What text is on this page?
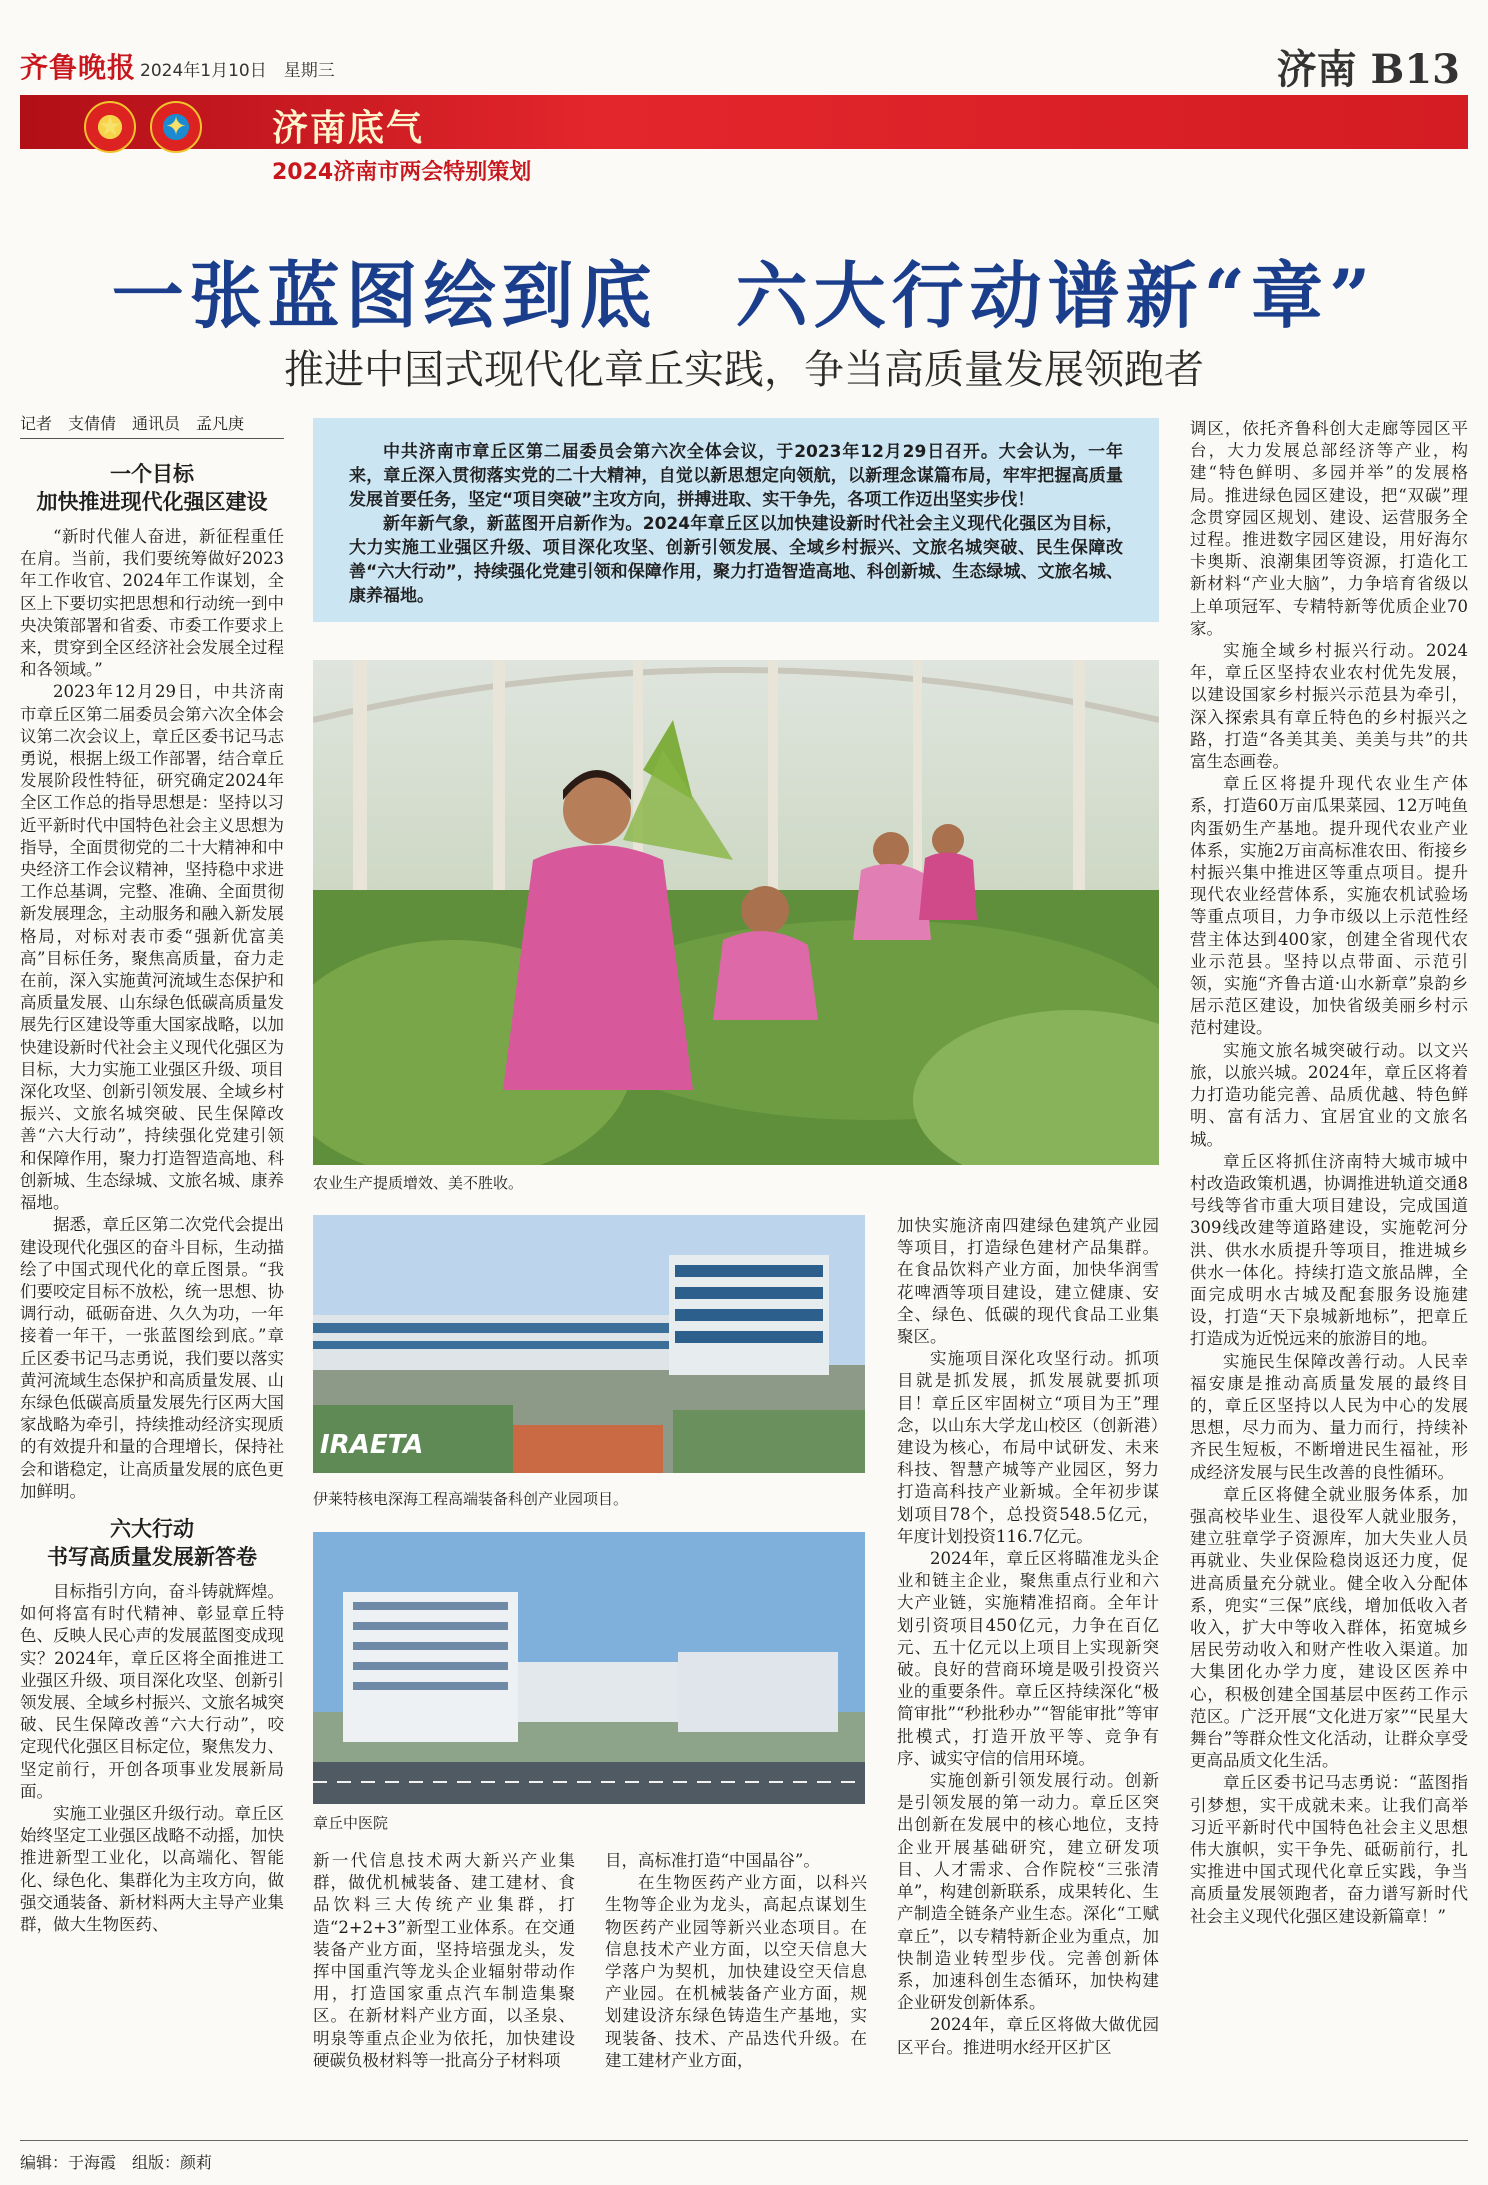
齐鲁晚报 2024年1月10日　星期三	济南 B13
★	✦	济南底气
2024济南市两会特别策划
一张蓝图绘到底　六大行动谱新“章”
推进中国式现代化章丘实践，争当高质量发展领跑者
记者　支倩倩　通讯员　孟凡庚

中共济南市章丘区第二届委员会第六次全体会议，于2023年12月29日召开。大会认为，一年来，章丘深入贯彻落实党的二十大精神，自觉以新思想定向领航，以新理念谋篇布局，牢牢把握高质量发展首要任务，坚定“项目突破”主攻方向，拼搏进取、实干争先，各项工作迈出坚实步伐！

新年新气象，新蓝图开启新作为。2024年章丘区以加快建设新时代社会主义现代化强区为目标，大力实施工业强区升级、项目深化攻坚、创新引领发展、全域乡村振兴、文旅名城突破、民生保障改善“六大行动”，持续强化党建引领和保障作用，聚力打造智造高地、科创新城、生态绿城、文旅名城、康养福地。

一个目标
加快推进现代化强区建设

“新时代催人奋进，新征程重任在肩。当前，我们要统筹做好2023年工作收官、2024年工作谋划，全区上下要切实把思想和行动统一到中央决策部署和省委、市委工作要求上来，贯穿到全区经济社会发展全过程和各领域。”

2023年12月29日，中共济南市章丘区第二届委员会第六次全体会议第二次会议上，章丘区委书记马志勇说，根据上级工作部署，结合章丘发展阶段性特征，研究确定2024年全区工作总的指导思想是：坚持以习近平新时代中国特色社会主义思想为指导，全面贯彻党的二十大精神和中央经济工作会议精神，坚持稳中求进工作总基调，完整、准确、全面贯彻新发展理念，主动服务和融入新发展格局，对标对表市委“强新优富美高”目标任务，聚焦高质量，奋力走在前，深入实施黄河流域生态保护和高质量发展、山东绿色低碳高质量发展先行区建设等重大国家战略，以加快建设新时代社会主义现代化强区为目标，大力实施工业强区升级、项目深化攻坚、创新引领发展、全域乡村振兴、文旅名城突破、民生保障改善“六大行动”，持续强化党建引领和保障作用，聚力打造智造高地、科创新城、生态绿城、文旅名城、康养福地。

据悉，章丘区第二次党代会提出建设现代化强区的奋斗目标，生动描绘了中国式现代化的章丘图景。“我们要咬定目标不放松，统一思想、协调行动，砥砺奋进、久久为功，一年接着一年干，一张蓝图绘到底。”章丘区委书记马志勇说，我们要以落实黄河流域生态保护和高质量发展、山东绿色低碳高质量发展先行区两大国家战略为牵引，持续推动经济实现质的有效提升和量的合理增长，保持社会和谐稳定，让高质量发展的底色更加鲜明。

六大行动
书写高质量发展新答卷

目标指引方向，奋斗铸就辉煌。如何将富有时代精神、彰显章丘特色、反映人民心声的发展蓝图变成现实？2024年，章丘区将全面推进工业强区升级、项目深化攻坚、创新引领发展、全域乡村振兴、文旅名城突破、民生保障改善“六大行动”，咬定现代化强区目标定位，聚焦发力、坚定前行，开创各项事业发展新局面。

实施工业强区升级行动。章丘区始终坚定工业强区战略不动摇，加快推进新型工业化，以高端化、智能化、绿色化、集群化为主攻方向，做强交通装备、新材料两大主导产业集群，做大生物医药、

农业生产提质增效、美不胜收。
IRAETA
伊莱特核电深海工程高端装备科创产业园项目。
章丘中医院

新一代信息技术两大新兴产业集群，做优机械装备、建工建材、食品饮料三大传统产业集群，打造“2+2+3”新型工业体系。在交通装备产业方面，坚持培强龙头，发挥中国重汽等龙头企业辐射带动作用，打造国家重点汽车制造集聚区。在新材料产业方面，以圣泉、明泉等重点企业为依托，加快建设硬碳负极材料等一批高分子材料项

目，高标准打造“中国晶谷”。

在生物医药产业方面，以科兴生物等企业为龙头，高起点谋划生物医药产业园等新兴业态项目。在信息技术产业方面，以空天信息大学落户为契机，加快建设空天信息产业园。在机械装备产业方面，规划建设济东绿色铸造生产基地，实现装备、技术、产品迭代升级。在建工建材产业方面，

加快实施济南四建绿色建筑产业园等项目，打造绿色建材产品集群。在食品饮料产业方面，加快华润雪花啤酒等项目建设，建立健康、安全、绿色、低碳的现代食品工业集聚区。

实施项目深化攻坚行动。抓项目就是抓发展，抓发展就要抓项目！章丘区牢固树立“项目为王”理念，以山东大学龙山校区（创新港）建设为核心，布局中试研发、未来科技、智慧产城等产业园区，努力打造高科技产业新城。全年初步谋划项目78个，总投资548.5亿元，年度计划投资116.7亿元。

2024年，章丘区将瞄准龙头企业和链主企业，聚焦重点行业和六大产业链，实施精准招商。全年计划引资项目450亿元，力争在百亿元、五十亿元以上项目上实现新突破。良好的营商环境是吸引投资兴业的重要条件。章丘区持续深化“极简审批”“秒批秒办”“智能审批”等审批模式，打造开放平等、竞争有序、诚实守信的信用环境。

实施创新引领发展行动。创新是引领发展的第一动力。章丘区突出创新在发展中的核心地位，支持企业开展基础研究，建立研发项目、人才需求、合作院校“三张清单”，构建创新联系，成果转化、生产制造全链条产业生态。深化“工赋章丘”，以专精特新企业为重点，加快制造业转型步伐。完善创新体系，加速科创生态循环，加快构建企业研发创新体系。

2024年，章丘区将做大做优园区平台。推进明水经开区扩区

调区，依托齐鲁科创大走廊等园区平台，大力发展总部经济等产业，构建“特色鲜明、多园并举”的发展格局。推进绿色园区建设，把“双碳”理念贯穿园区规划、建设、运营服务全过程。推进数字园区建设，用好海尔卡奥斯、浪潮集团等资源，打造化工新材料“产业大脑”，力争培育省级以上单项冠军、专精特新等优质企业70家。

实施全域乡村振兴行动。2024年，章丘区坚持农业农村优先发展，以建设国家乡村振兴示范县为牵引，深入探索具有章丘特色的乡村振兴之路，打造“各美其美、美美与共”的共富生态画卷。

章丘区将提升现代农业生产体系，打造60万亩瓜果菜园、12万吨鱼肉蛋奶生产基地。提升现代农业产业体系，实施2万亩高标准农田、衔接乡村振兴集中推进区等重点项目。提升现代农业经营体系，实施农机试验场等重点项目，力争市级以上示范性经营主体达到400家，创建全省现代农业示范县。坚持以点带面、示范引领，实施“齐鲁古道·山水新章”泉韵乡居示范区建设，加快省级美丽乡村示范村建设。

实施文旅名城突破行动。以文兴旅，以旅兴城。2024年，章丘区将着力打造功能完善、品质优越、特色鲜明、富有活力、宜居宜业的文旅名城。

章丘区将抓住济南特大城市城中村改造政策机遇，协调推进轨道交通8号线等省市重大项目建设，完成国道309线改建等道路建设，实施乾河分洪、供水水质提升等项目，推进城乡供水一体化。持续打造文旅品牌，全面完成明水古城及配套服务设施建设，打造“天下泉城新地标”，把章丘打造成为近悦远来的旅游目的地。

实施民生保障改善行动。人民幸福安康是推动高质量发展的最终目的，章丘区坚持以人民为中心的发展思想，尽力而为、量力而行，持续补齐民生短板，不断增进民生福祉，形成经济发展与民生改善的良性循环。

章丘区将健全就业服务体系，加强高校毕业生、退役军人就业服务，建立驻章学子资源库，加大失业人员再就业、失业保险稳岗返还力度，促进高质量充分就业。健全收入分配体系，兜实“三保”底线，增加低收入者收入，扩大中等收入群体，拓宽城乡居民劳动收入和财产性收入渠道。加大集团化办学力度，建设区医养中心，积极创建全国基层中医药工作示范区。广泛开展“文化进万家”“民星大舞台”等群众性文化活动，让群众享受更高品质文化生活。

章丘区委书记马志勇说：“蓝图指引梦想，实干成就未来。让我们高举习近平新时代中国特色社会主义思想伟大旗帜，实干争先、砥砺前行，扎实推进中国式现代化章丘实践，争当高质量发展领跑者，奋力谱写新时代社会主义现代化强区建设新篇章！”

编辑：于海霞　组版：颜莉
